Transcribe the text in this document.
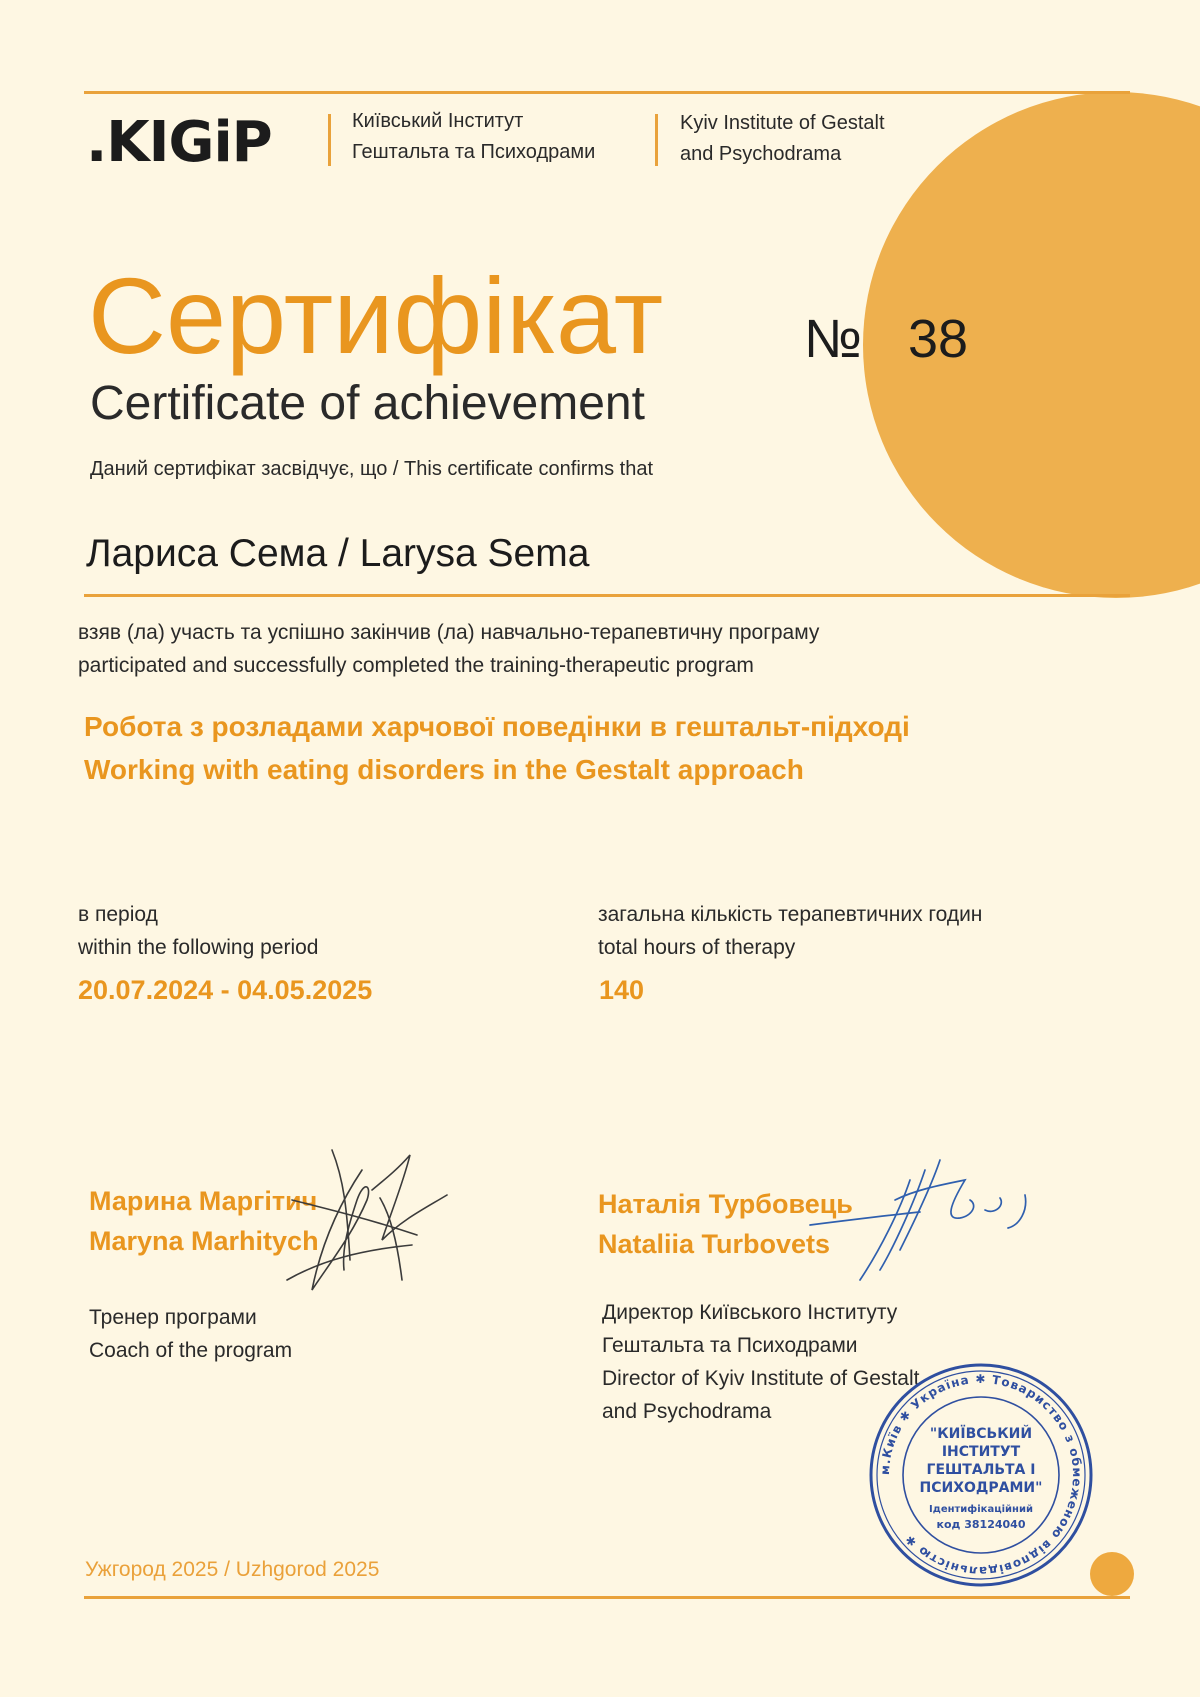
.KIGiP	Київський Інститут
Гештальта та Психодрами
Kyiv Institute of Gestalt
and Psychodrama
Сертифікат
Certificate of achievement
№ 38
Даний сертифікат засвідчує, що / This certificate confirms that
Лариса Сема / Larysa Sema
взяв (ла) участь та успішно закінчив (ла) навчально-терапевтичну програму
participated and successfully completed the training-therapeutic program
Робота з розладами харчової поведінки в гештальт-підході
Working with eating disorders in the Gestalt approach
в період
within the following period
20.07.2024 - 04.05.2025
загальна кількість терапевтичних годин
total hours of therapy
140
Марина Маргітич
Maryna Marhitych
Тренер програми
Coach of the program
Наталія Турбовець
Nataliia Turbovets
Директор Київського Інституту
Гештальта та Психодрами
Director of Kyiv Institute of Gestalt
and Psychodrama
м.Київ ✱ Україна ✱ Товариство з обмеженою відповідальністю ✱
"КИЇВСЬКИЙ
ІНСТИТУТ
ГЕШТАЛЬТА І
ПСИХОДРАМИ"
Ідентифікаційний
код 38124040
Ужгород 2025 / Uzhgorod 2025
